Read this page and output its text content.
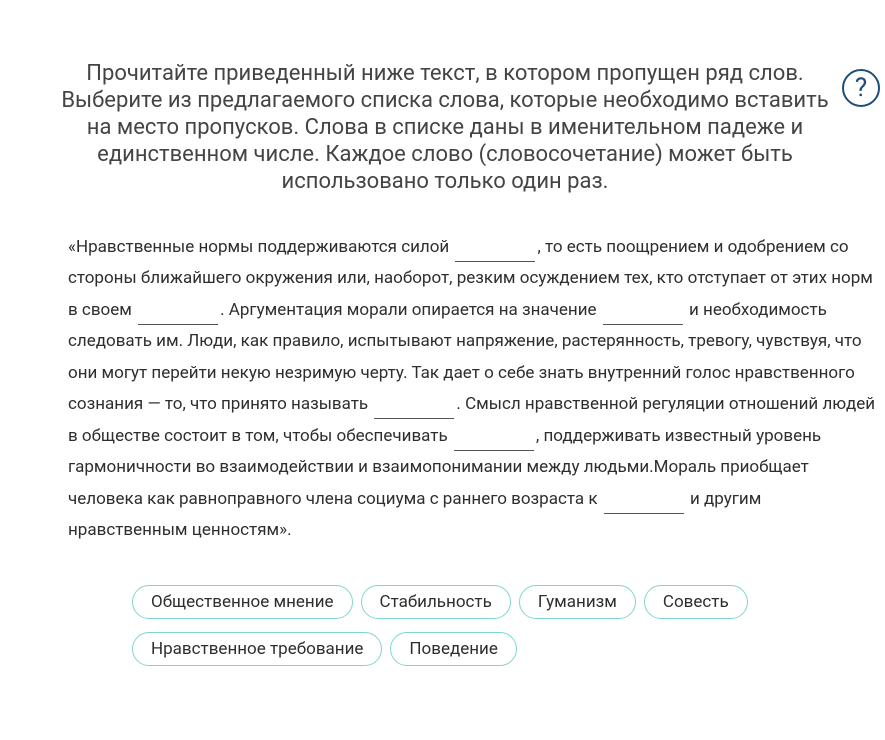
Прочитайте приведенный ниже текст, в котором пропущен ряд слов. Выберите из предлагаемого списка слова, которые необходимо вставить на место пропусков. Слова в списке даны в именительном падеже и единственном числе. Каждое слово (словосочетание) может быть использовано только один раз.
?
«Нравственные нормы поддерживаются силой	, то есть поощрением и одобрением со стороны ближайшего окружения или, наоборот, резким осуждением тех, кто отступает от этих норм в своем	. Аргументация морали опирается на значение	и необходимость следовать им. Люди, как правило, испытывают напряжение, растерянность, тревогу, чувствуя, что они могут перейти некую незримую черту. Так дает о себе знать внутренний голос нравственного сознания — то, что принято называть	. Смысл нравственной регуляции отношений людей в обществе состоит в том, чтобы обеспечивать	, поддерживать известный уровень гармоничности во взаимодействии и взаимопонимании между людьми.Мораль приобщает человека как равноправного члена социума с раннего возраста к	и другим нравственным ценностям».
Общественное мнение	Стабильность	Гуманизм	Совесть
Нравственное требование	Поведение
